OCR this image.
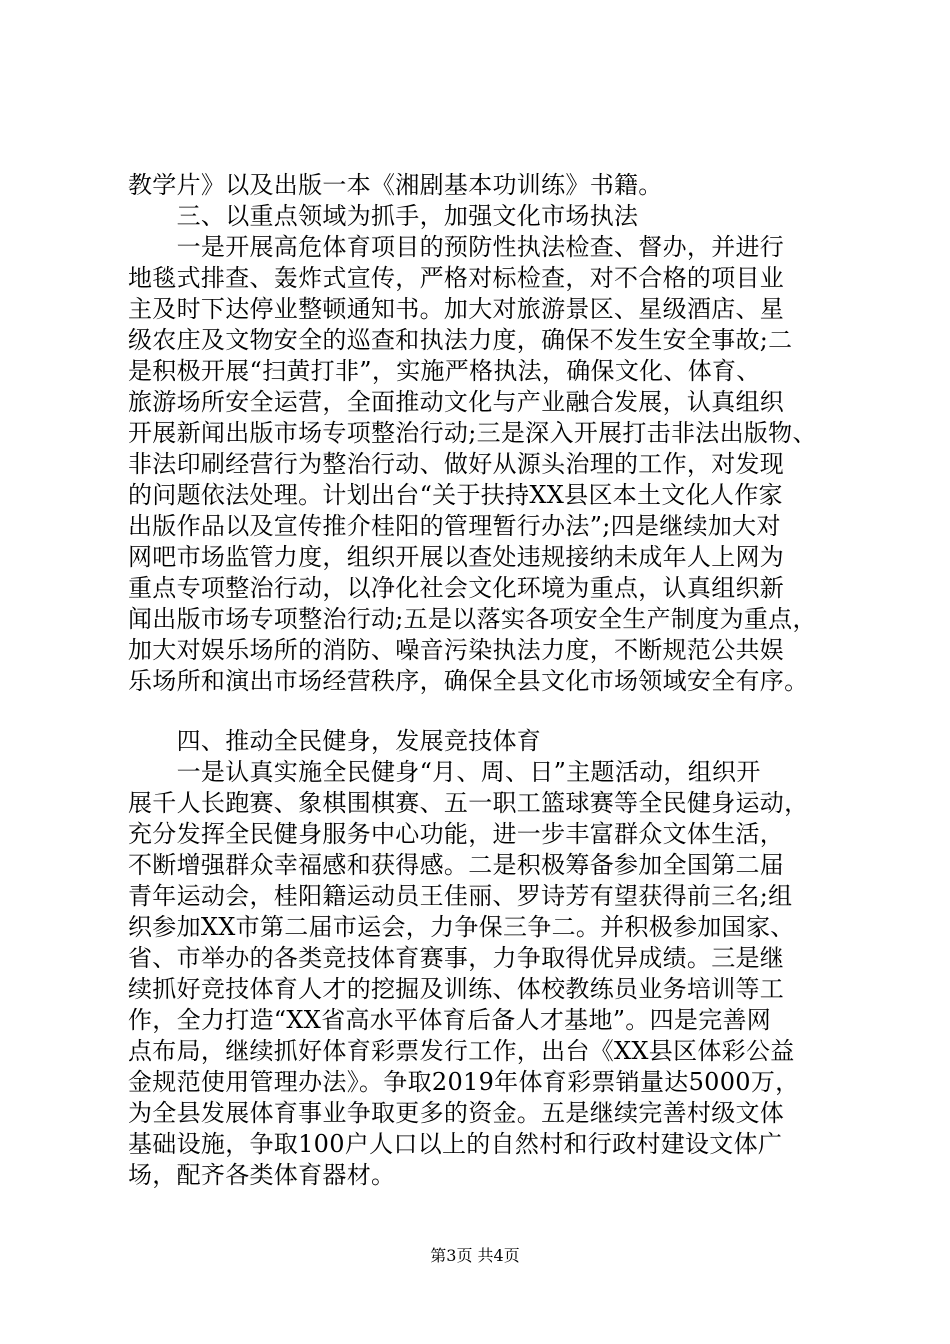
教学片》以及出版一本《湘剧基本功训练》书籍。
　　三、以重点领域为抓手，加强文化市场执法
　　一是开展高危体育项目的预防性执法检查、督办，并进行
地毯式排查、轰炸式宣传，严格对标检查，对不合格的项目业
主及时下达停业整顿通知书。加大对旅游景区、星级酒店、星
级农庄及文物安全的巡查和执法力度，确保不发生安全事故;二
是积极开展“扫黄打非”，实施严格执法，确保文化、体育、
旅游场所安全运营，全面推动文化与产业融合发展，认真组织
开展新闻出版市场专项整治行动;三是深入开展打击非法出版物、
非法印刷经营行为整治行动、做好从源头治理的工作，对发现
的问题依法处理。计划出台“关于扶持XX县区本土文化人作家
出版作品以及宣传推介桂阳的管理暂行办法”;四是继续加大对
网吧市场监管力度，组织开展以查处违规接纳未成年人上网为
重点专项整治行动，以净化社会文化环境为重点，认真组织新
闻出版市场专项整治行动;五是以落实各项安全生产制度为重点，
加大对娱乐场所的消防、噪音污染执法力度，不断规范公共娱
乐场所和演出市场经营秩序，确保全县文化市场领域安全有序。
　　四、推动全民健身，发展竞技体育
　　一是认真实施全民健身“月、周、日”主题活动，组织开
展千人长跑赛、象棋围棋赛、五一职工篮球赛等全民健身运动，
充分发挥全民健身服务中心功能，进一步丰富群众文体生活，
不断增强群众幸福感和获得感。二是积极筹备参加全国第二届
青年运动会，桂阳籍运动员王佳丽、罗诗芳有望获得前三名;组
织参加XX市第二届市运会，力争保三争二。并积极参加国家、
省、市举办的各类竞技体育赛事，力争取得优异成绩。三是继
续抓好竞技体育人才的挖掘及训练、体校教练员业务培训等工
作，全力打造“XX省高水平体育后备人才基地”。四是完善网
点布局，继续抓好体育彩票发行工作，出台《XX县区体彩公益
金规范使用管理办法》。争取2019年体育彩票销量达5000万，
为全县发展体育事业争取更多的资金。五是继续完善村级文体
基础设施，争取100户人口以上的自然村和行政村建设文体广
场，配齐各类体育器材。
第3页 共4页
